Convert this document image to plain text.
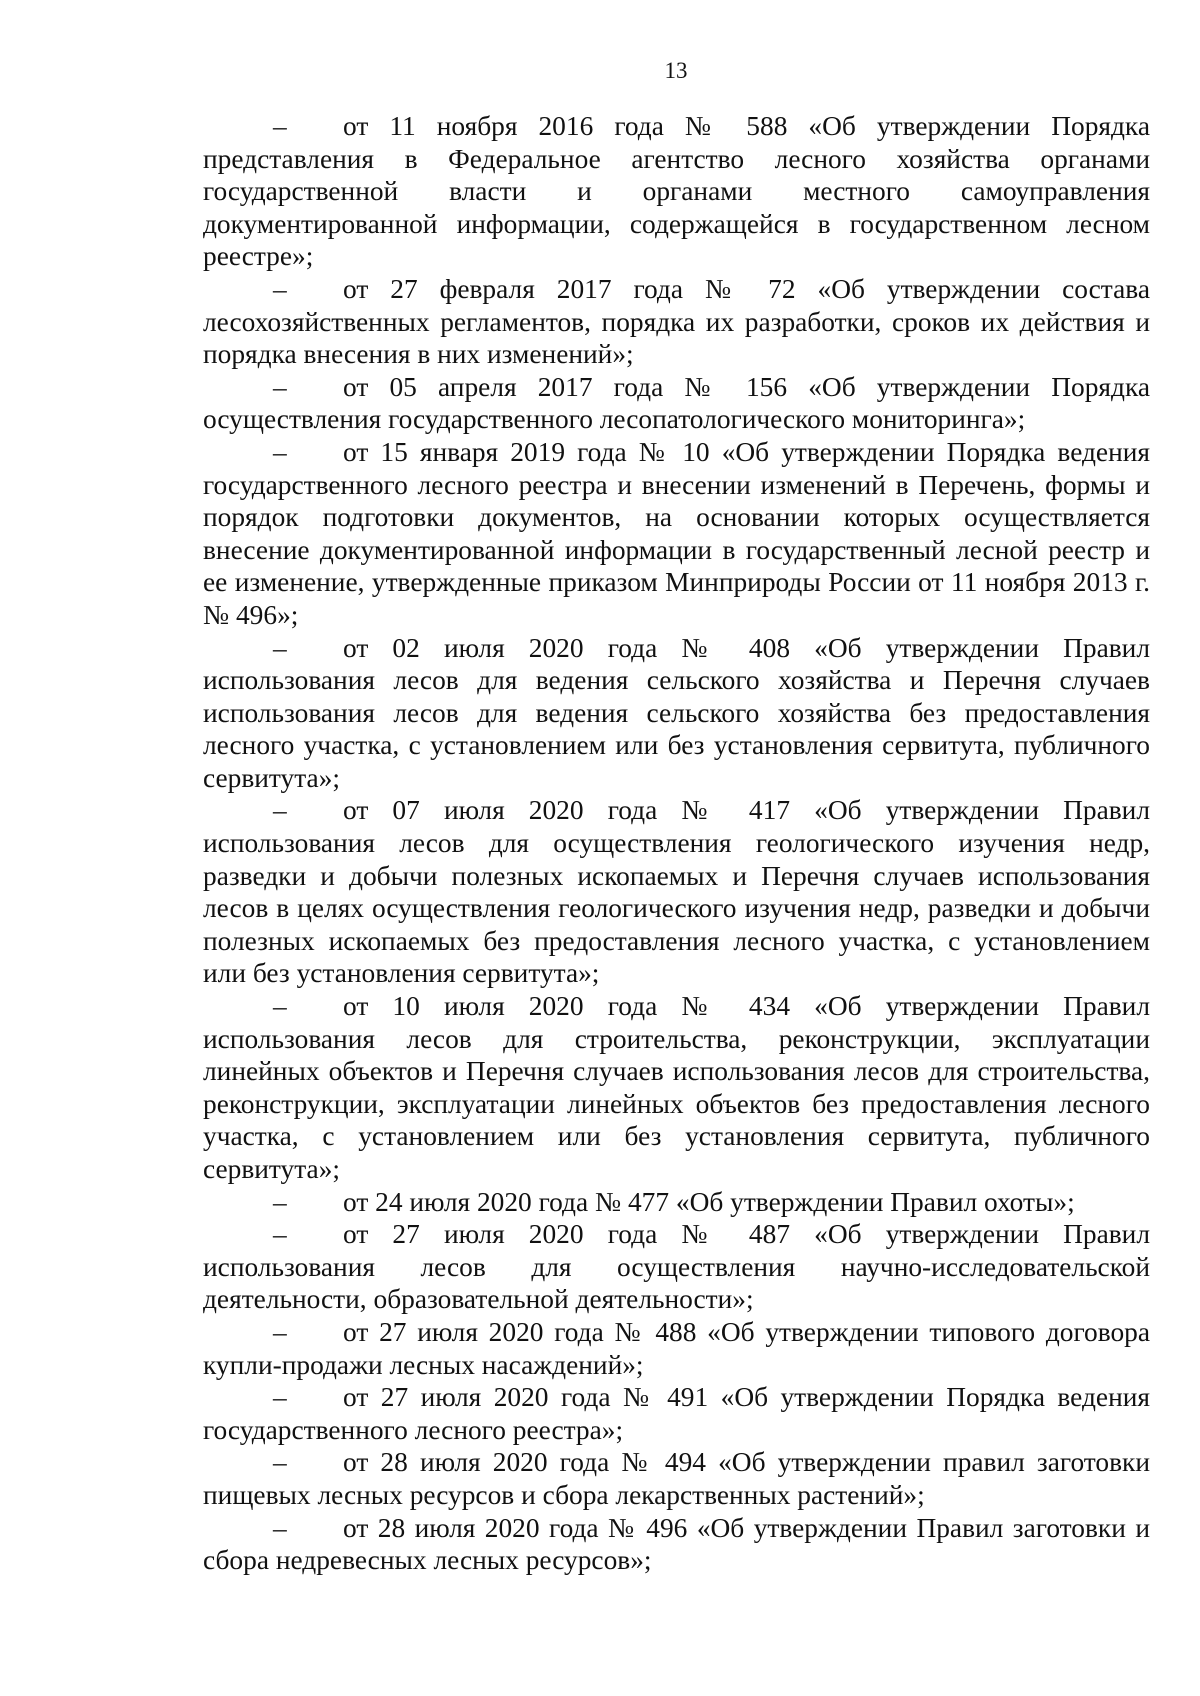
13

– от 11 ноября 2016 года № 588 «Об утверждении Порядка представления в Федеральное агентство лесного хозяйства органами государственной власти и органами местного самоуправления документированной информации, содержащейся в государственном лесном реестре»;

– от 27 февраля 2017 года № 72 «Об утверждении состава лесохозяйственных регламентов, порядка их разработки, сроков их действия и порядка внесения в них изменений»;

– от 05 апреля 2017 года № 156 «Об утверждении Порядка осуществления государственного лесопатологического мониторинга»;

– от 15 января 2019 года № 10 «Об утверждении Порядка ведения государственного лесного реестра и внесении изменений в Перечень, формы и порядок подготовки документов, на основании которых осуществляется внесение документированной информации в государственный лесной реестр и ее изменение, утвержденные приказом Минприроды России от 11 ноября 2013 г. № 496»;

– от 02 июля 2020 года № 408 «Об утверждении Правил использования лесов для ведения сельского хозяйства и Перечня случаев использования лесов для ведения сельского хозяйства без предоставления лесного участка, с установлением или без установления сервитута, публичного сервитута»;

– от 07 июля 2020 года № 417 «Об утверждении Правил использования лесов для осуществления геологического изучения недр, разведки и добычи полезных ископаемых и Перечня случаев использования лесов в целях осуществления геологического изучения недр, разведки и добычи полезных ископаемых без предоставления лесного участка, с установлением или без установления сервитута»;

– от 10 июля 2020 года № 434 «Об утверждении Правил использования лесов для строительства, реконструкции, эксплуатации линейных объектов и Перечня случаев использования лесов для строительства, реконструкции, эксплуатации линейных объектов без предоставления лесного участка, с установлением или без установления сервитута, публичного сервитута»;

– от 24 июля 2020 года № 477 «Об утверждении Правил охоты»;

– от 27 июля 2020 года № 487 «Об утверждении Правил использования лесов для осуществления научно-исследовательской деятельности, образовательной деятельности»;

– от 27 июля 2020 года № 488 «Об утверждении типового договора купли-продажи лесных насаждений»;

– от 27 июля 2020 года № 491 «Об утверждении Порядка ведения государственного лесного реестра»;

– от 28 июля 2020 года № 494 «Об утверждении правил заготовки пищевых лесных ресурсов и сбора лекарственных растений»;

– от 28 июля 2020 года № 496 «Об утверждении Правил заготовки и сбора недревесных лесных ресурсов»;
